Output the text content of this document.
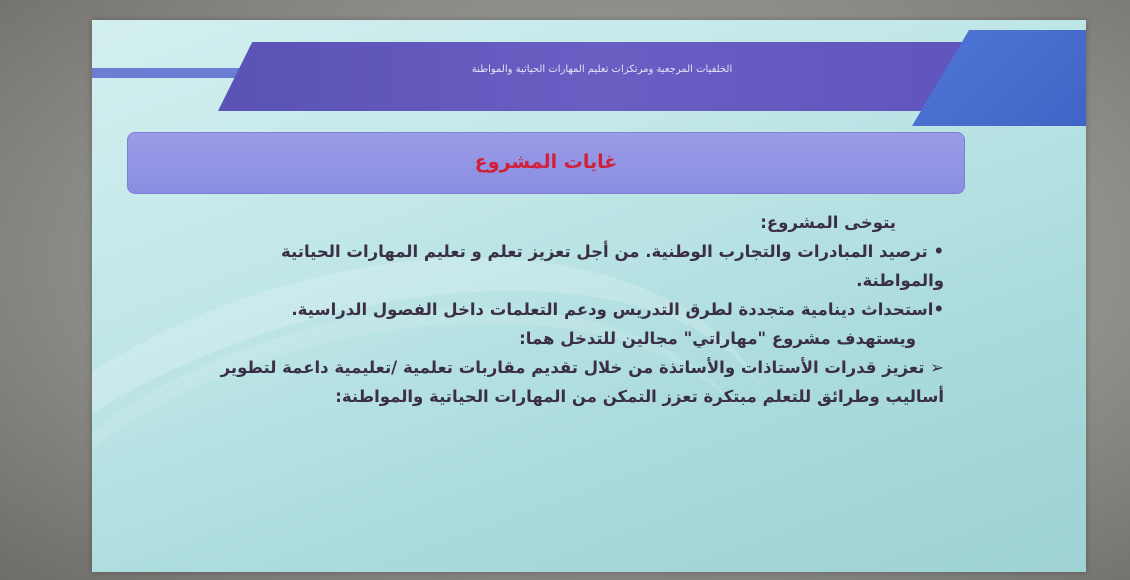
الخلفيات المرجعية ومرتكزات تعليم المهارات الحياتية والمواطنة
غايات المشروع

يتوخى المشروع:

• ترصيد المبادرات والتجارب الوطنية. من أجل تعزيز تعلم و تعليم المهارات الحياتية والمواطنة.

•استحداث دينامية متجددة لطرق التدريس ودعم التعلمات داخل الفصول الدراسية.

ويستهدف مشروع "مهاراتي" مجالين للتدخل هما:

➢ تعزيز قدرات الأستاذات والأساتذة من خلال تقديم مقاربات تعلمية /تعليمية داعمة لتطوير أساليب وطرائق للتعلم مبتكرة تعزز التمكن من المهارات الحياتية والمواطنة:
